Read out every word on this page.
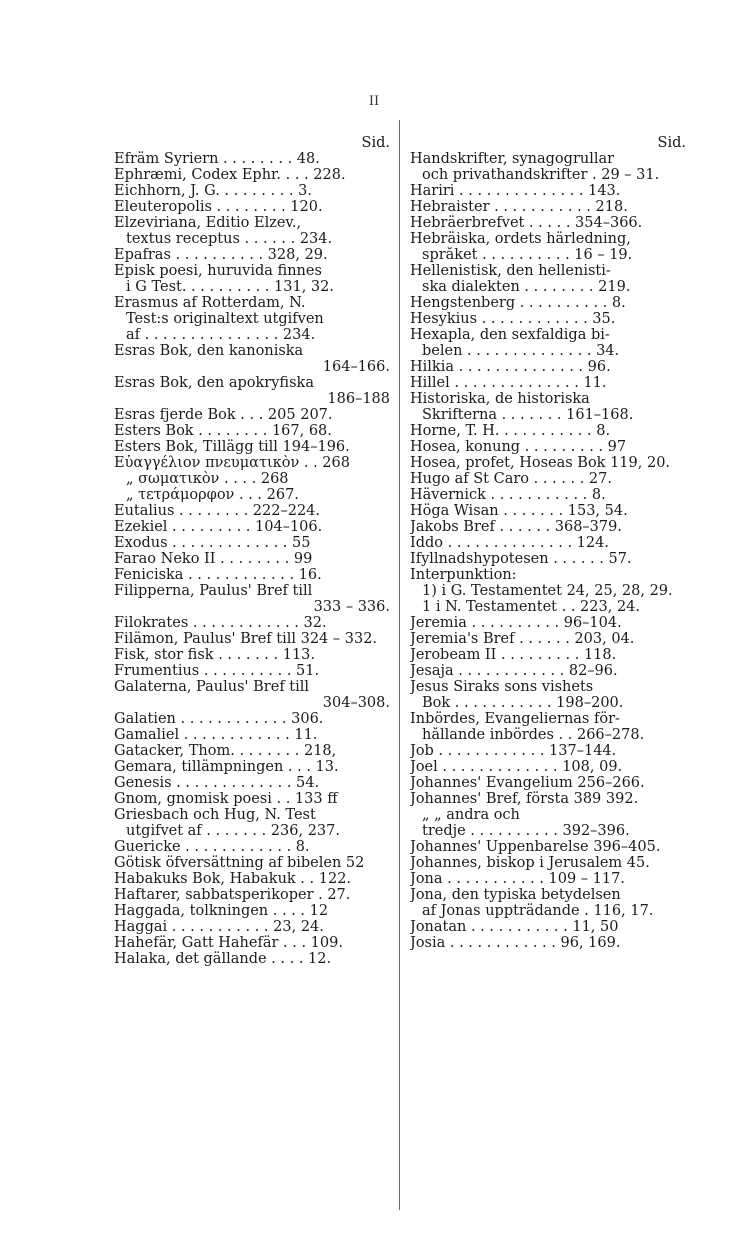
II
Sid.
Efräm Syriern . . . . . . . . 48.
Ephræmi, Codex Ephr. . . . 228.
Eichhorn, J. G. . . . . . . . . 3.
Eleuteropolis . . . . . . . . 120.
Elzeviriana, Editio Elzev.,
textus receptus . . . . . . 234.
Epafras . . . . . . . . . . 328, 29.
Episk poesi, huruvida finnes
i G Test. . . . . . . . . . 131, 32.
Erasmus af Rotterdam, N.
Test:s originaltext utgifven
af . . . . . . . . . . . . . . . 234.
Esras Bok, den kanoniska
164–166.
Esras Bok, den apokryfiska
186–188
Esras fjerde Bok . . . 205 207.
Esters Bok . . . . . . . . 167, 68.
Esters Bok, Tillägg till 194–196.
Εὐαγγέλιον πνευματικὸν . . 268
„ σωματικὸν . . . . 268
„ τετράμορφον . . . 267.
Eutalius . . . . . . . . 222–224.
Ezekiel . . . . . . . . . 104–106.
Exodus . . . . . . . . . . . . . 55
Farao Neko II . . . . . . . . 99
Feniciska . . . . . . . . . . . . 16.
Filipperna, Paulus' Bref till
333 – 336.
Filokrates . . . . . . . . . . . . 32.
Filämon, Paulus' Bref till 324 – 332.
Fisk, stor fisk . . . . . . . 113.
Frumentius . . . . . . . . . . 51.
Galaterna, Paulus' Bref till
304–308.
Galatien . . . . . . . . . . . . 306.
Gamaliel . . . . . . . . . . . . 11.
Gatacker, Thom. . . . . . . . 218,
Gemara, tillämpningen . . . 13.
Genesis . . . . . . . . . . . . . 54.
Gnom, gnomisk poesi . . 133 ff
Griesbach och Hug, N. Test
utgifvet af . . . . . . . 236, 237.
Guericke . . . . . . . . . . . . 8.
Götisk öfversättning af bibelen 52
Habakuks Bok, Habakuk . . 122.
Haftarer, sabbatsperikoper . 27.
Haggada, tolkningen . . . . 12
Haggai . . . . . . . . . . . 23, 24.
Hahefär, Gatt Hahefär . . . 109.
Halaka, det gällande . . . . 12.
Sid.
Handskrifter, synagogrullar
och privathandskrifter . 29 – 31.
Hariri . . . . . . . . . . . . . . 143.
Hebraister . . . . . . . . . . . 218.
Hebräerbrefvet . . . . . 354–366.
Hebräiska, ordets härledning,
språket . . . . . . . . . . 16 – 19.
Hellenistisk, den hellenisti-
ska dialekten . . . . . . . . 219.
Hengstenberg . . . . . . . . . . 8.
Hesykius . . . . . . . . . . . . 35.
Hexapla, den sexfaldiga bi-
belen . . . . . . . . . . . . . . 34.
Hilkia . . . . . . . . . . . . . . 96.
Hillel . . . . . . . . . . . . . . 11.
Historiska, de historiska
Skrifterna . . . . . . . 161–168.
Horne, T. H. . . . . . . . . . . 8.
Hosea, konung . . . . . . . . . 97
Hosea, profet, Hoseas Bok 119, 20.
Hugo af St Caro . . . . . . 27.
Hävernick . . . . . . . . . . . 8.
Höga Wisan . . . . . . . 153, 54.
Jakobs Bref . . . . . . 368–379.
Iddo . . . . . . . . . . . . . . 124.
Ifyllnadshypotesen . . . . . . 57.
Interpunktion:
1) i G. Testamentet 24, 25, 28, 29.
1 i N. Testamentet . . 223, 24.
Jeremia . . . . . . . . . . 96–104.
Jeremia's Bref . . . . . . 203, 04.
Jerobeam II . . . . . . . . . 118.
Jesaja . . . . . . . . . . . . 82–96.
Jesus Siraks sons vishets
Bok . . . . . . . . . . . 198–200.
Inbördes, Evangeliernas för-
hållande inbördes . . 266–278.
Job . . . . . . . . . . . . 137–144.
Joel . . . . . . . . . . . . . 108, 09.
Johannes' Evangelium 256–266.
Johannes' Bref, första 389 392.
„ „ andra och
tredje . . . . . . . . . . 392–396.
Johannes' Uppenbarelse 396–405.
Johannes, biskop i Jerusalem 45.
Jona . . . . . . . . . . . 109 – 117.
Jona, den typiska betydelsen
af Jonas uppträdande . 116, 17.
Jonatan . . . . . . . . . . . 11, 50
Josia . . . . . . . . . . . . 96, 169.
